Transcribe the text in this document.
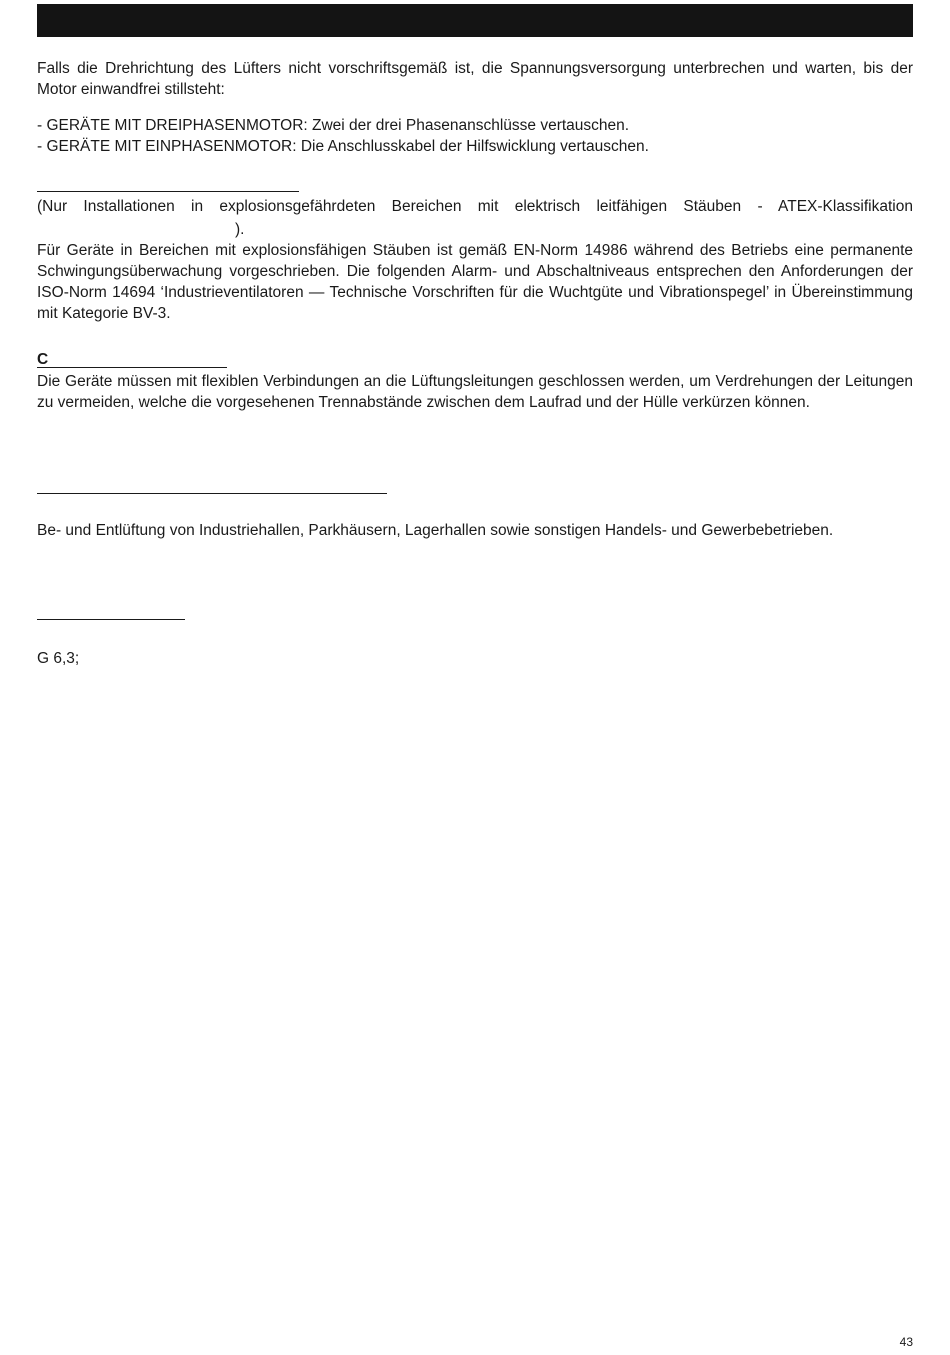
Falls die Drehrichtung des Lüfters nicht vorschriftsgemäß ist, die Spannungsversorgung unterbrechen und warten, bis der Motor einwandfrei stillsteht:

- GERÄTE MIT DREIPHASENMOTOR: Zwei der drei Phasenanschlüsse vertauschen.

- GERÄTE MIT EINPHASENMOTOR: Die Anschlusskabel der Hilfswicklung vertauschen.

(Nur Installationen in explosionsgefährdeten Bereichen mit elektrisch leitfähigen Stäuben - ATEX-Klassifikation

).

Für Geräte in Bereichen mit explosionsfähigen Stäuben ist gemäß EN-Norm 14986 während des Betriebs eine permanente Schwingungsüberwachung vorgeschrieben. Die folgenden Alarm- und Abschaltniveaus entsprechen den Anforderungen der ISO-Norm 14694 ‘Industrieventilatoren — Technische Vorschriften für die Wuchtgüte und Vibrationspegel’ in Übereinstimmung mit Kategorie BV-3.

C

Die Geräte müssen mit flexiblen Verbindungen an die Lüftungsleitungen geschlossen werden, um Verdrehungen der Leitungen zu vermeiden, welche die vorgesehenen Trennabstände zwischen dem Laufrad und der Hülle verkürzen können.

Be- und Entlüftung von Industriehallen, Parkhäusern, Lagerhallen sowie sonstigen Handels- und Gewerbebetrieben.

G 6,3;

43
